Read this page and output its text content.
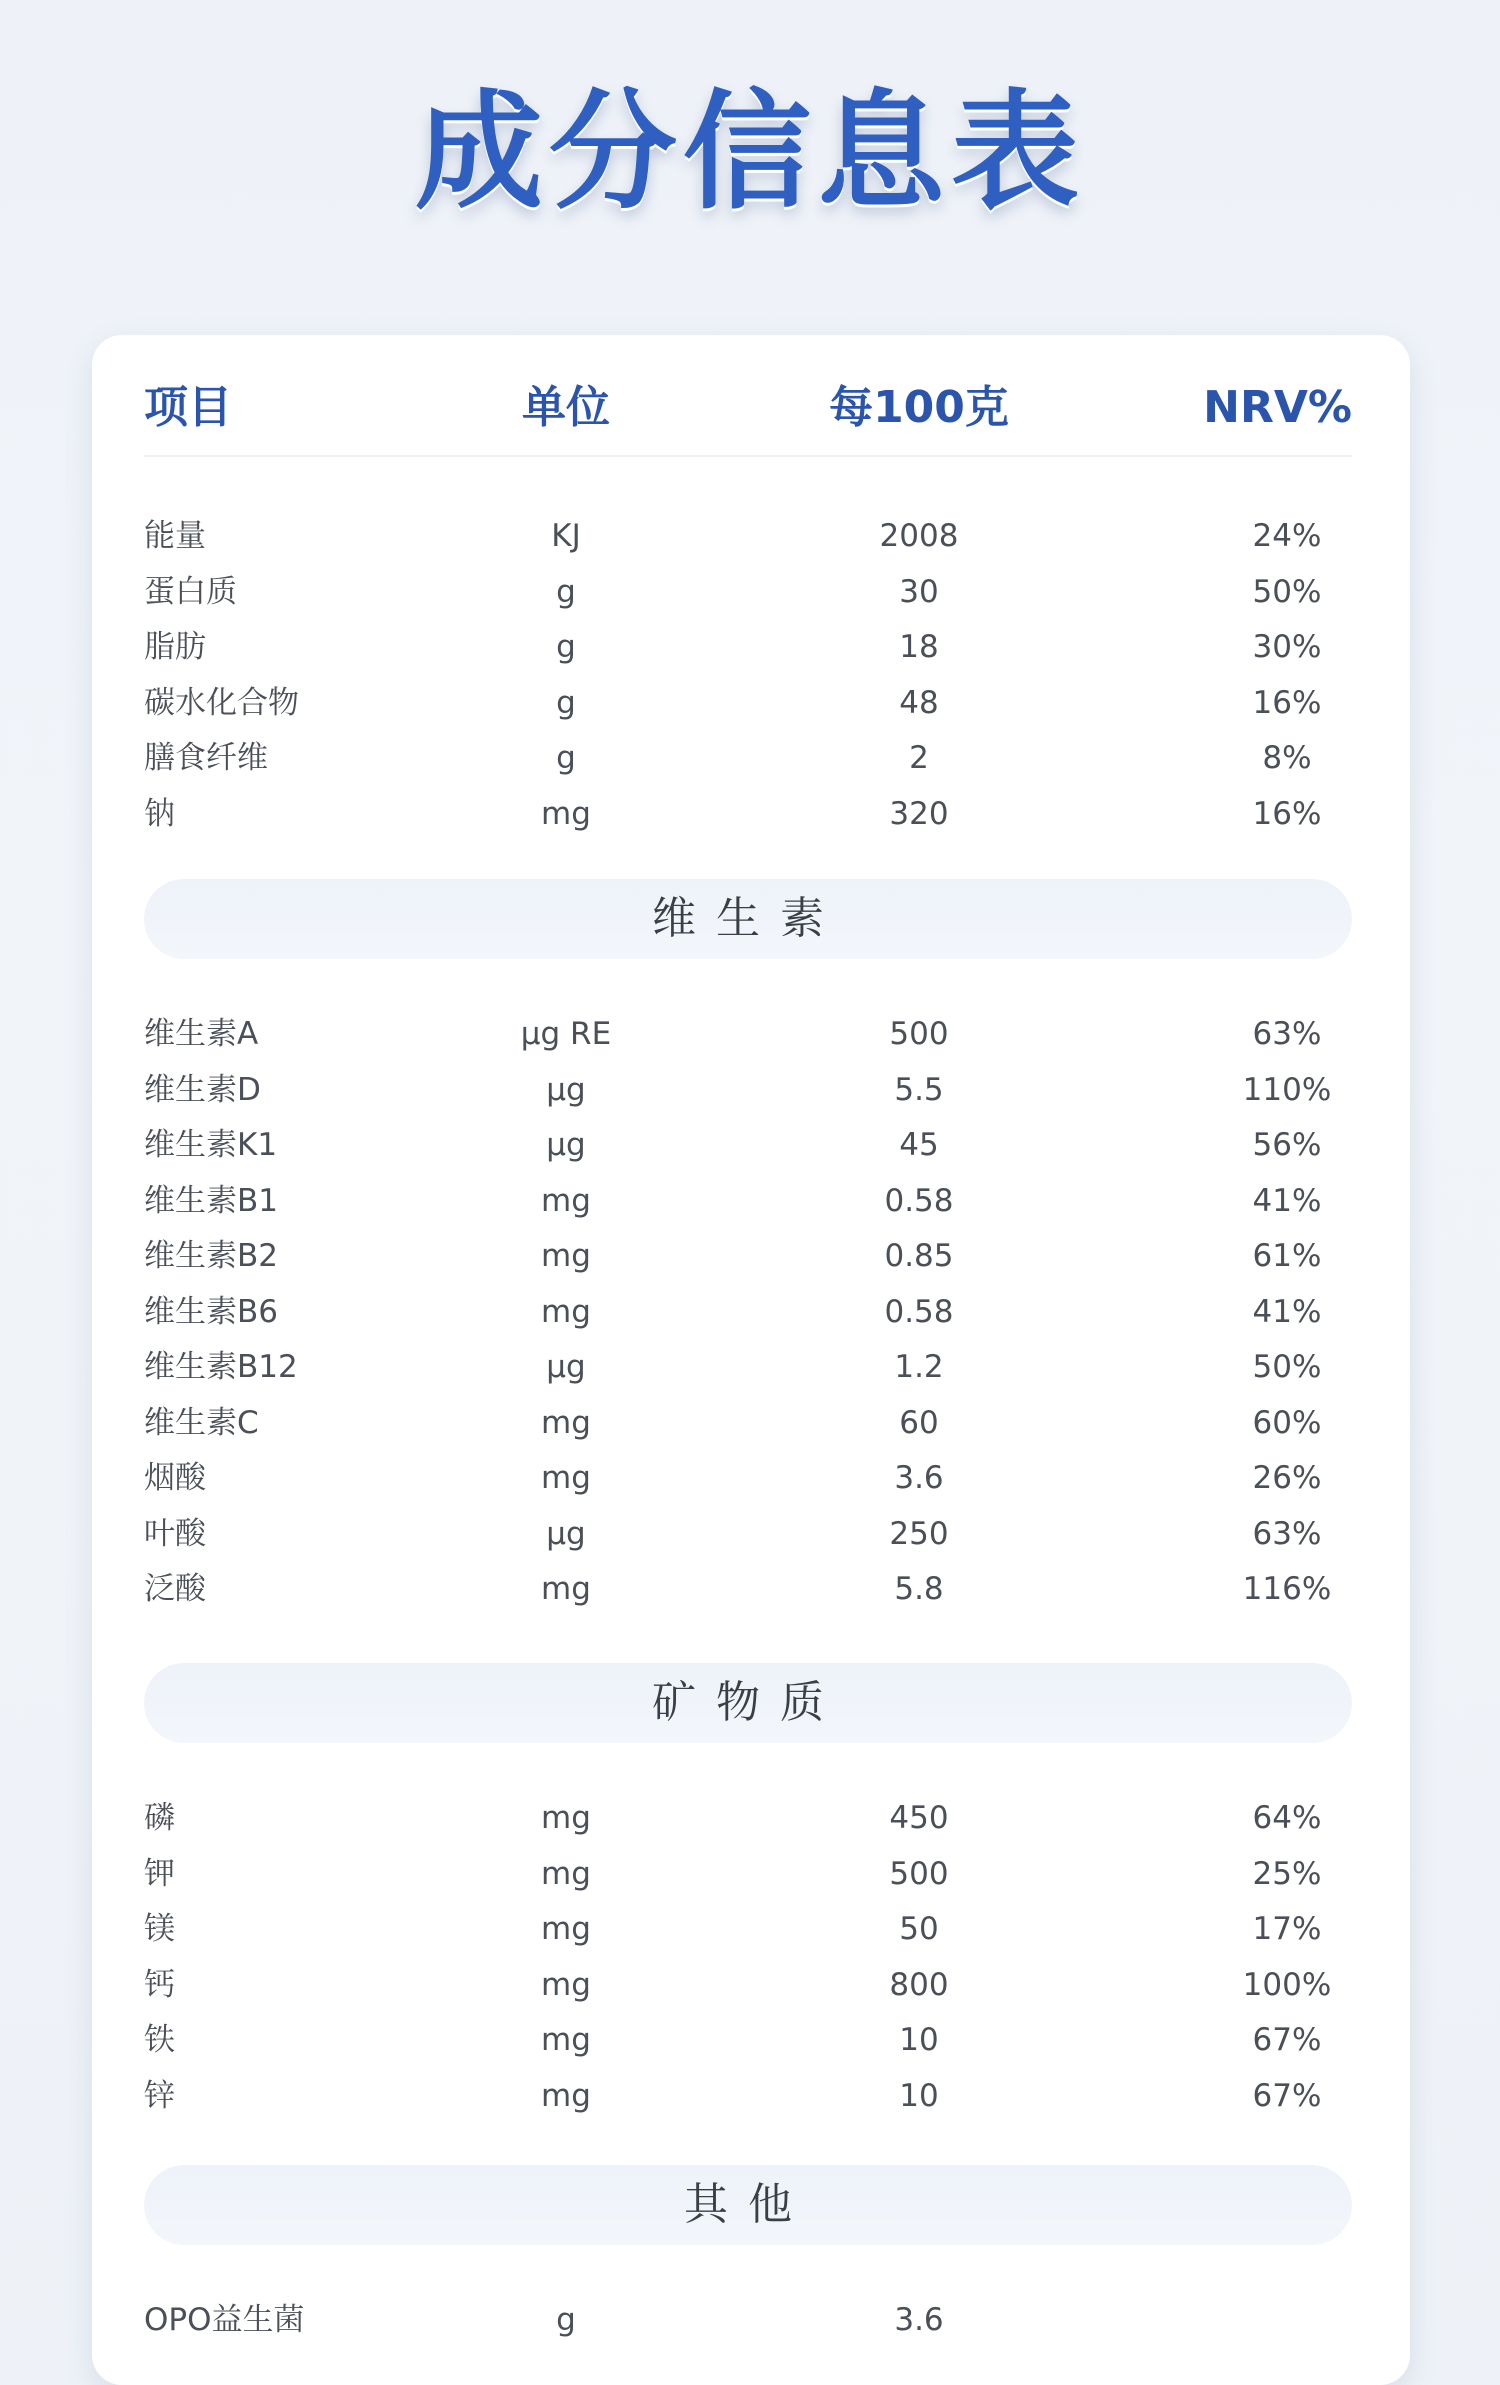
成分信息表
项目	单位	每100克	NRV%
能量	KJ	2008	24%
蛋白质	g	30	50%
脂肪	g	18	30%
碳水化合物	g	48	16%
膳食纤维	g	2	8%
钠	mg	320	16%
维生素
维生素A	μg RE	500	63%
维生素D	μg	5.5	110%
维生素K1	μg	45	56%
维生素B1	mg	0.58	41%
维生素B2	mg	0.85	61%
维生素B6	mg	0.58	41%
维生素B12	μg	1.2	50%
维生素C	mg	60	60%
烟酸	mg	3.6	26%
叶酸	μg	250	63%
泛酸	mg	5.8	116%
矿物质
磷	mg	450	64%
钾	mg	500	25%
镁	mg	50	17%
钙	mg	800	100%
铁	mg	10	67%
锌	mg	10	67%
其他
OPO益生菌	g	3.6
